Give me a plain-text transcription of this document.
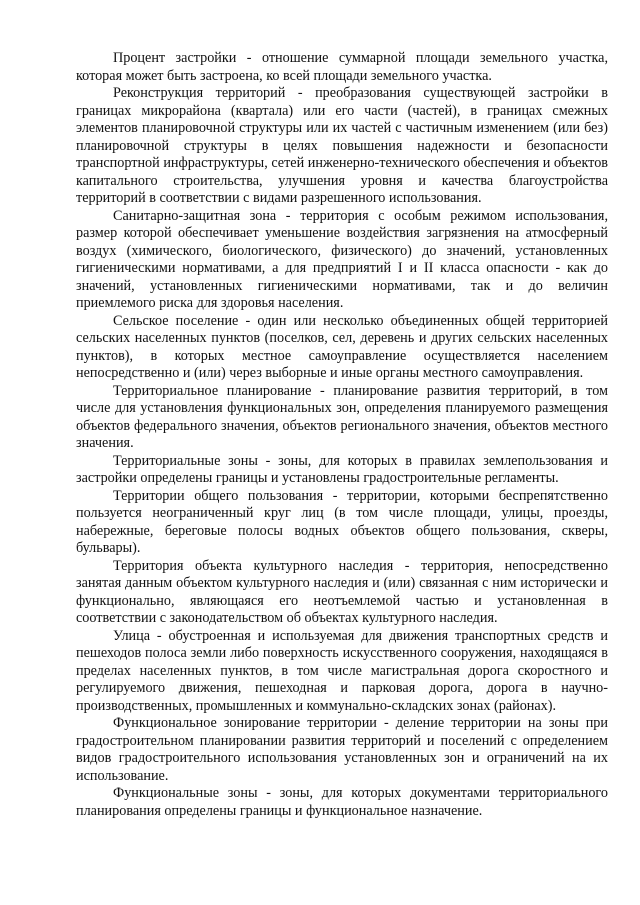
Процент застройки - отношение суммарной площади земельного участка, которая может быть застроена, ко всей площади земельного участка.

Реконструкция территорий - преобразования существующей застройки в границах микрорайона (квартала) или его части (частей), в границах смежных элементов планировочной структуры или их частей с частичным изменением (или без) планировочной структуры в целях повышения надежности и безопасности транспортной инфраструктуры, сетей инженерно-технического обеспечения и объектов капитального строительства, улучшения уровня и качества благоустройства территорий в соответствии с видами разрешенного использования.

Санитарно-защитная зона - территория с особым режимом использования, размер которой обеспечивает уменьшение воздействия загрязнения на атмосферный воздух (химического, биологического, физического) до значений, установленных гигиеническими нормативами, а для предприятий I и II класса опасности - как до значений, установленных гигиеническими нормативами, так и до величин приемлемого риска для здоровья населения.

Сельское поселение - один или несколько объединенных общей территорией сельских населенных пунктов (поселков, сел, деревень и других сельских населенных пунктов), в которых местное самоуправление осуществляется населением непосредственно и (или) через выборные и иные органы местного самоуправления.

Территориальное планирование - планирование развития территорий, в том числе для установления функциональных зон, определения планируемого размещения объектов федерального значения, объектов регионального значения, объектов местного значения.

Территориальные зоны - зоны, для которых в правилах землепользования и застройки определены границы и установлены градостроительные регламенты.

Территории общего пользования - территории, которыми беспрепятственно пользуется неограниченный круг лиц (в том числе площади, улицы, проезды, набережные, береговые полосы водных объектов общего пользования, скверы, бульвары).

Территория объекта культурного наследия - территория, непосредственно занятая данным объектом культурного наследия и (или) связанная с ним исторически и функционально, являющаяся его неотъемлемой частью и установленная в соответствии с законодательством об объектах культурного наследия.

Улица - обустроенная и используемая для движения транспортных средств и пешеходов полоса земли либо поверхность искусственного сооружения, находящаяся в пределах населенных пунктов, в том числе магистральная дорога скоростного и регулируемого движения, пешеходная и парковая дорога, дорога в научно-производственных, промышленных и коммунально-складских зонах (районах).

Функциональное зонирование территории - деление территории на зоны при градостроительном планировании развития территорий и поселений с определением видов градостроительного использования установленных зон и ограничений на их использование.

Функциональные зоны - зоны, для которых документами территориального планирования определены границы и функциональное назначение.
